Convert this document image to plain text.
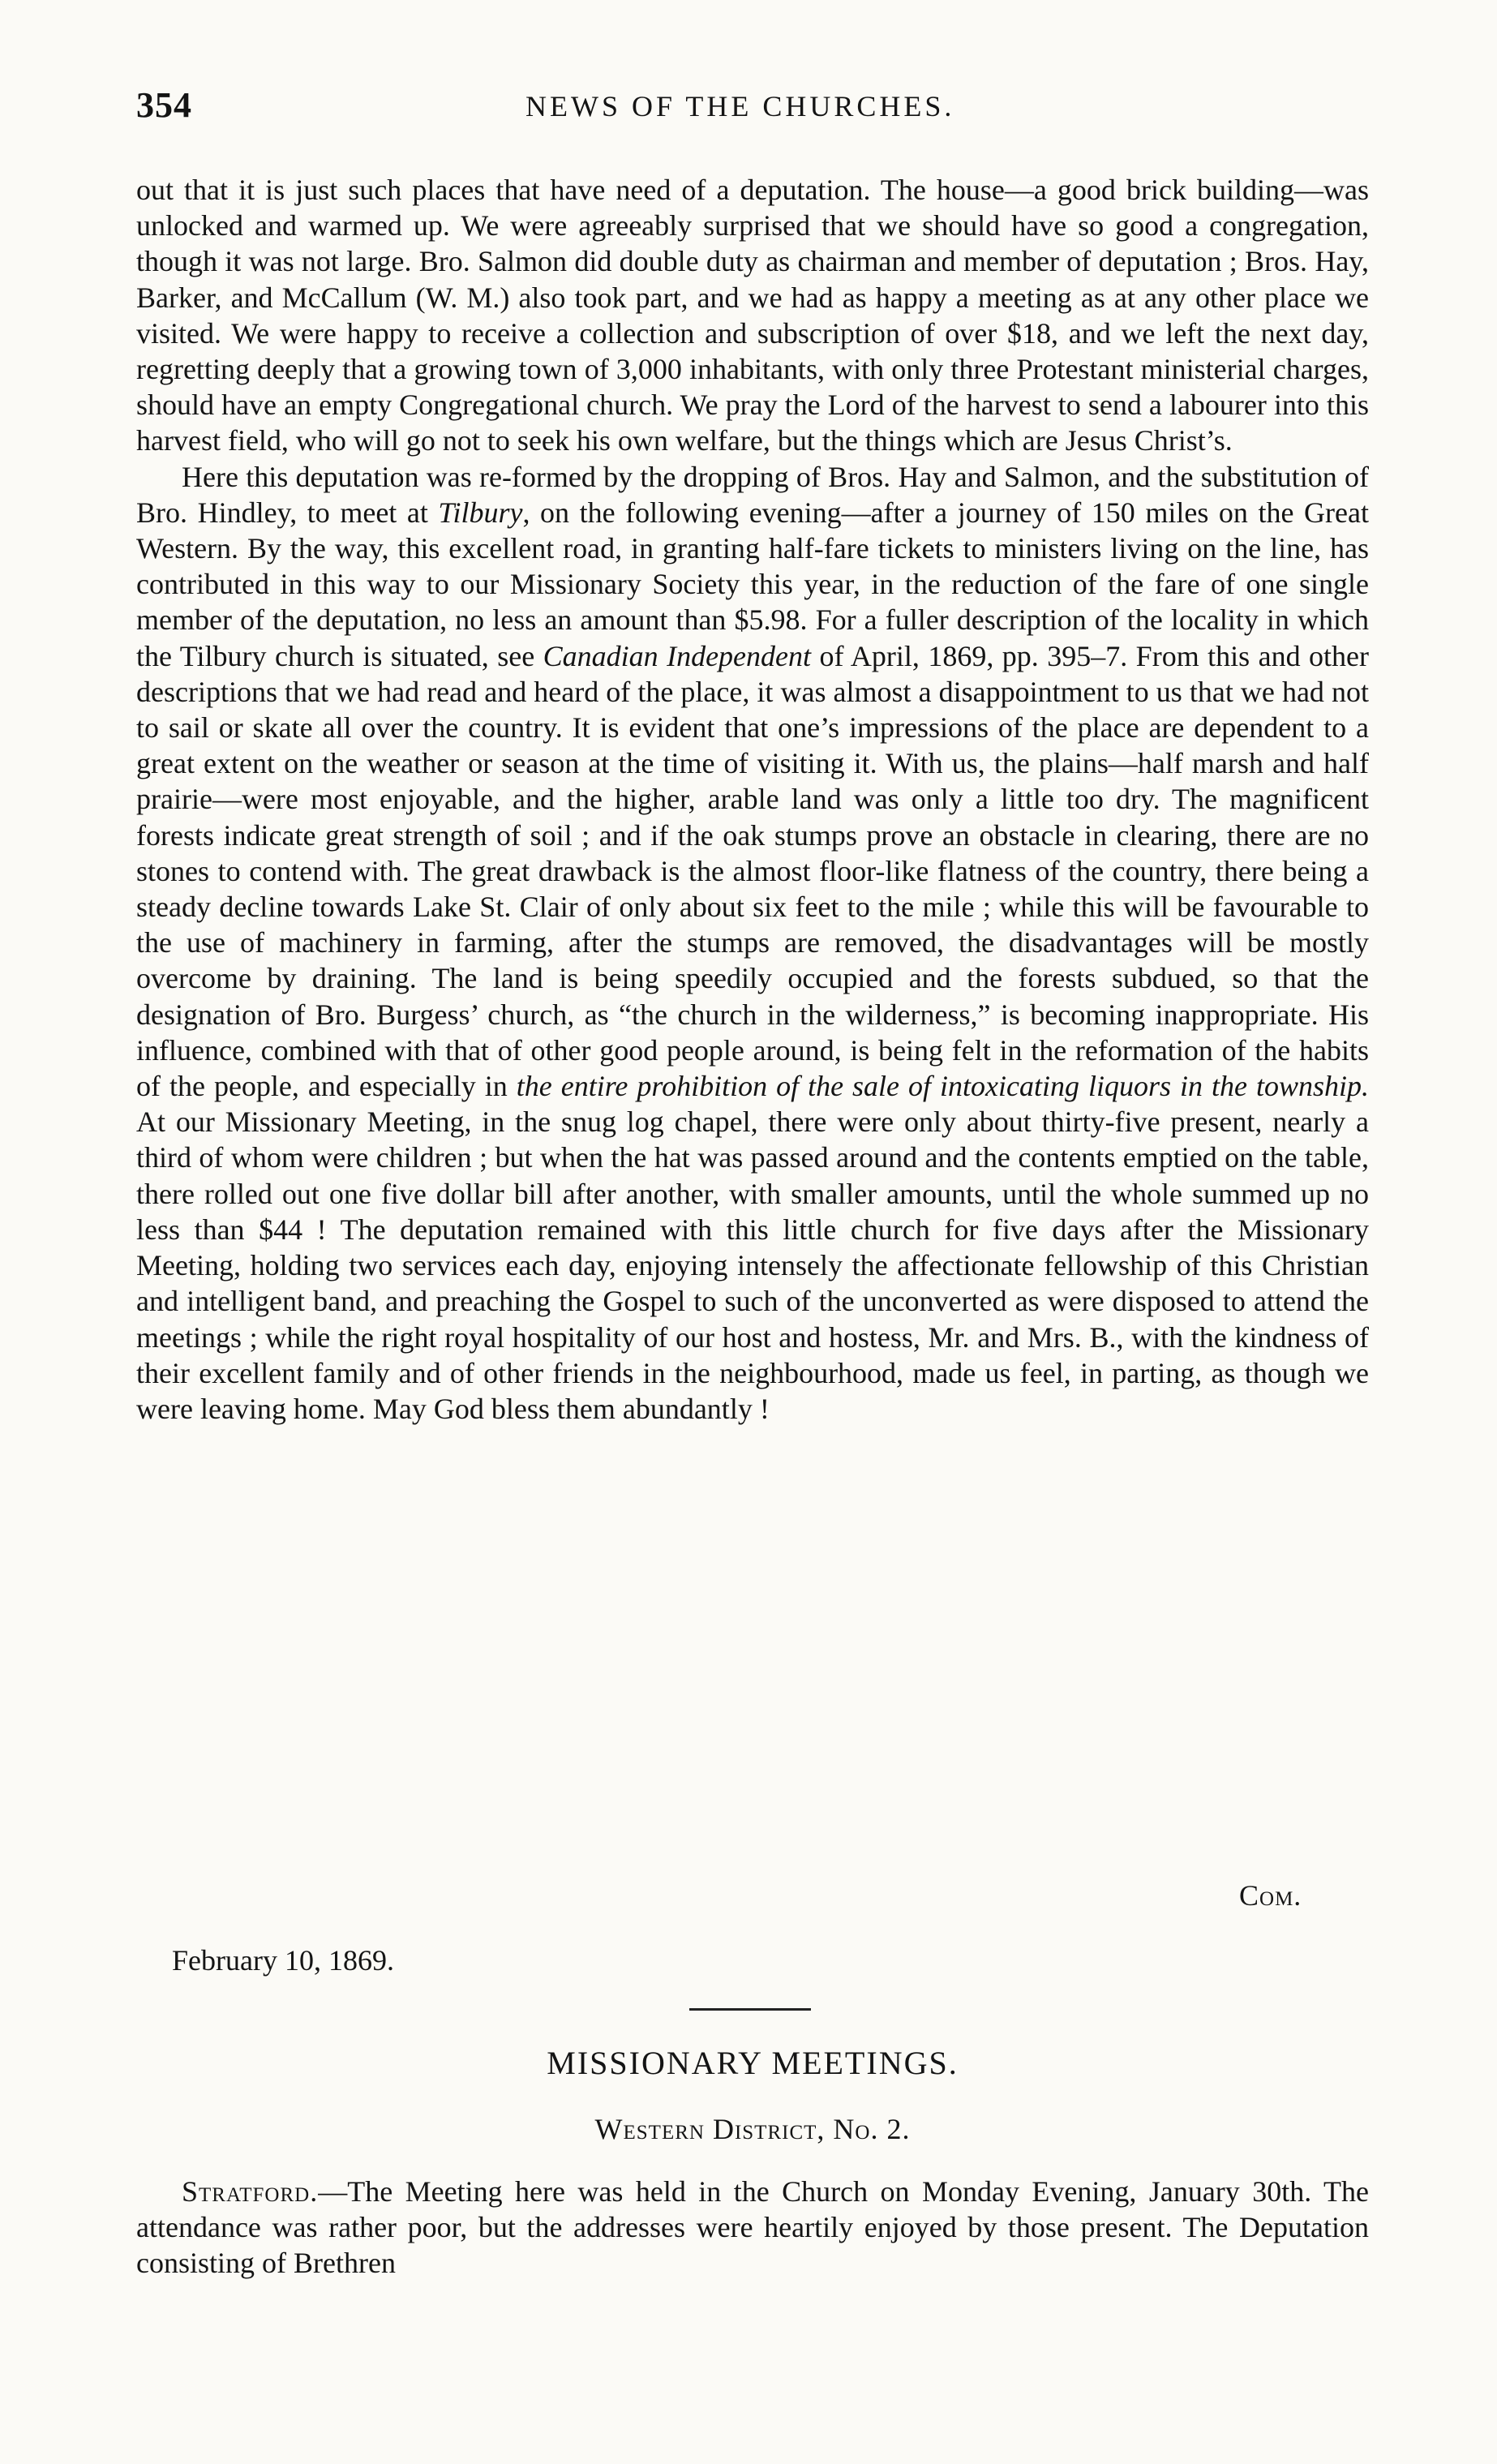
354	NEWS OF THE CHURCHES.

out that it is just such places that have need of a deputation. The house—a good brick building—was unlocked and warmed up. We were agreeably surprised that we should have so good a congregation, though it was not large. Bro. Salmon did double duty as chairman and member of deputation ; Bros. Hay, Barker, and McCallum (W. M.) also took part, and we had as happy a meeting as at any other place we visited. We were happy to receive a collection and subscription of over $18, and we left the next day, regretting deeply that a growing town of 3,000 inhabitants, with only three Protestant ministerial charges, should have an empty Congregational church. We pray the Lord of the harvest to send a labourer into this harvest field, who will go not to seek his own welfare, but the things which are Jesus Christ’s.

Here this deputation was re-formed by the dropping of Bros. Hay and Salmon, and the substitution of Bro. Hindley, to meet at Tilbury, on the following evening—after a journey of 150 miles on the Great Western. By the way, this excellent road, in granting half-fare tickets to ministers living on the line, has contributed in this way to our Missionary Society this year, in the reduction of the fare of one single member of the deputation, no less an amount than $5.98. For a fuller description of the locality in which the Tilbury church is situated, see Canadian Independent of April, 1869, pp. 395–7. From this and other descriptions that we had read and heard of the place, it was almost a disappointment to us that we had not to sail or skate all over the country. It is evident that one’s impressions of the place are dependent to a great extent on the weather or season at the time of visiting it. With us, the plains—half marsh and half prairie—were most enjoyable, and the higher, arable land was only a little too dry. The magnificent forests indicate great strength of soil ; and if the oak stumps prove an obstacle in clearing, there are no stones to contend with. The great drawback is the almost floor-like flatness of the country, there being a steady decline towards Lake St. Clair of only about six feet to the mile ; while this will be favourable to the use of machinery in farming, after the stumps are removed, the disadvantages will be mostly overcome by draining. The land is being speedily occupied and the forests subdued, so that the designation of Bro. Burgess’ church, as “the church in the wilderness,” is becoming inappropriate. His influence, combined with that of other good people around, is being felt in the reformation of the habits of the people, and especially in the entire prohibition of the sale of intoxicating liquors in the township. At our Missionary Meeting, in the snug log chapel, there were only about thirty-five present, nearly a third of whom were children ; but when the hat was passed around and the contents emptied on the table, there rolled out one five dollar bill after another, with smaller amounts, until the whole summed up no less than $44 ! The deputation remained with this little church for five days after the Missionary Meeting, holding two services each day, enjoying intensely the affectionate fellowship of this Christian and intelligent band, and preaching the Gospel to such of the unconverted as were disposed to attend the meetings ; while the right royal hospitality of our host and hostess, Mr. and Mrs. B., with the kindness of their excellent family and of other friends in the neighbourhood, made us feel, in parting, as though we were leaving home. May God bless them abundantly !

Com.
February 10, 1869.
MISSIONARY MEETINGS.
Western District, No. 2.
Stratford.—The Meeting here was held in the Church on Monday Evening, January 30th. The attendance was rather poor, but the addresses were heartily enjoyed by those present. The Deputation consisting of Brethren
